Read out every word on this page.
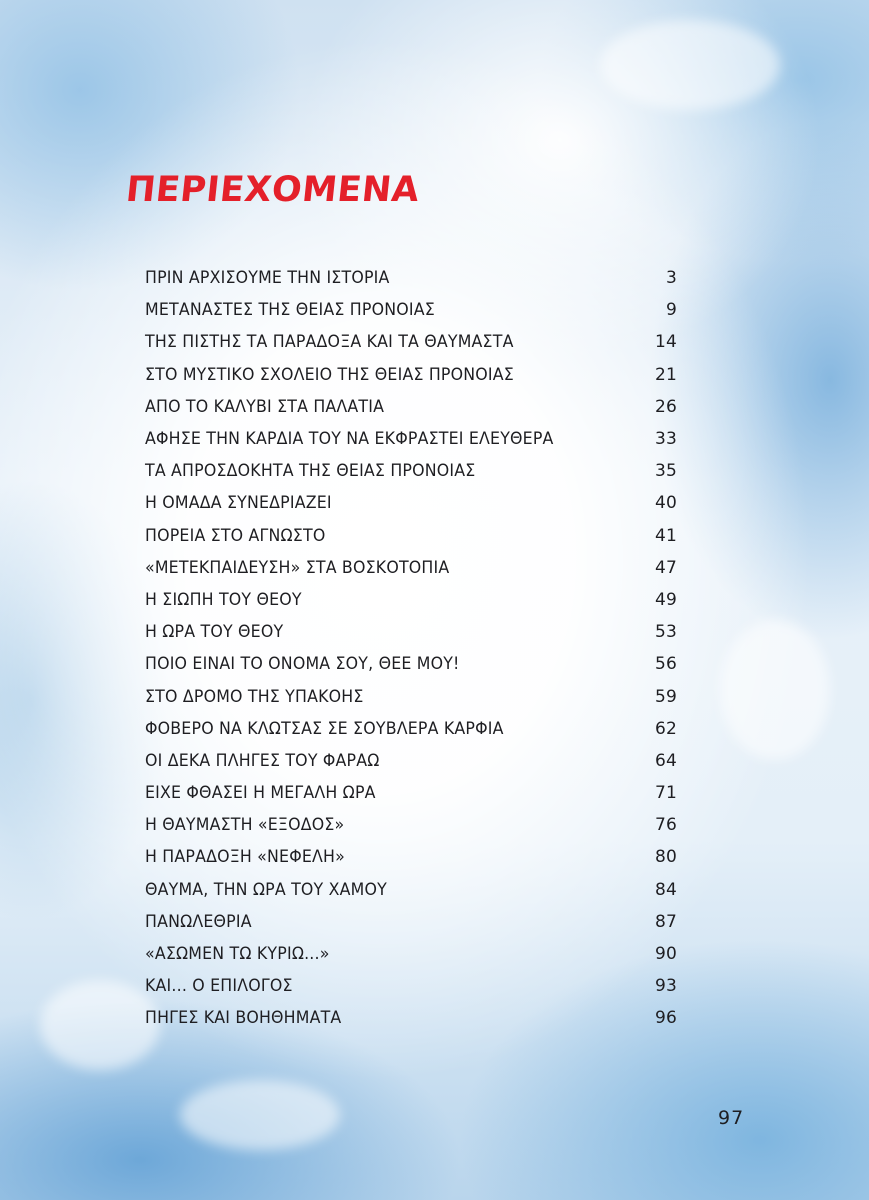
ΠΕΡΙΕΧΟΜΕΝΑ
ΠΡΙΝ ΑΡΧΙΣΟΥΜΕ ΤΗΝ ΙΣΤΟΡΙΑ	3
ΜΕΤΑΝΑΣΤΕΣ ΤΗΣ ΘΕΙΑΣ ΠΡΟΝΟΙΑΣ	9
ΤΗΣ ΠΙΣΤΗΣ ΤΑ ΠΑΡΑΔΟΞΑ ΚΑΙ ΤΑ ΘΑΥΜΑΣΤΑ	14
ΣΤΟ ΜΥΣΤΙΚΟ ΣΧΟΛΕΙΟ ΤΗΣ ΘΕΙΑΣ ΠΡΟΝΟΙΑΣ	21
ΑΠΟ ΤΟ ΚΑΛΥΒΙ ΣΤΑ ΠΑΛΑΤΙΑ	26
ΑΦΗΣΕ ΤΗΝ ΚΑΡΔΙΑ ΤΟΥ ΝΑ ΕΚΦΡΑΣΤΕΙ ΕΛΕΥΘΕΡΑ	33
ΤΑ ΑΠΡΟΣΔΟΚΗΤΑ ΤΗΣ ΘΕΙΑΣ ΠΡΟΝΟΙΑΣ	35
Η ΟΜΑΔΑ ΣΥΝΕΔΡΙΑΖΕΙ	40
ΠΟΡΕΙΑ ΣΤΟ ΑΓΝΩΣΤΟ	41
«ΜΕΤΕΚΠΑΙΔΕΥΣΗ» ΣΤΑ ΒΟΣΚΟΤΟΠΙΑ	47
Η ΣΙΩΠΗ ΤΟΥ ΘΕΟΥ	49
Η ΩΡΑ ΤΟΥ ΘΕΟΥ	53
ΠΟΙΟ ΕΙΝΑΙ ΤΟ ΟΝΟΜΑ ΣΟΥ, ΘΕΕ ΜΟΥ!	56
ΣΤΟ ΔΡΟΜΟ ΤΗΣ ΥΠΑΚΟΗΣ	59
ΦΟΒΕΡΟ ΝΑ ΚΛΩΤΣΑΣ ΣΕ ΣΟΥΒΛΕΡΑ ΚΑΡΦΙΑ	62
ΟΙ ΔΕΚΑ ΠΛΗΓΕΣ ΤΟΥ ΦΑΡΑΩ	64
ΕΙΧΕ ΦΘΑΣΕΙ Η ΜΕΓΑΛΗ ΩΡΑ	71
Η ΘΑΥΜΑΣΤΗ «ΕΞΟΔΟΣ»	76
Η ΠΑΡΑΔΟΞΗ «ΝΕΦΕΛΗ»	80
ΘΑΥΜΑ, ΤΗΝ ΩΡΑ ΤΟΥ ΧΑΜΟΥ	84
ΠΑΝΩΛΕΘΡΙΑ	87
«ΑΣΩΜΕΝ ΤΩ ΚΥΡΙΩ...»	90
ΚΑΙ... Ο ΕΠΙΛΟΓΟΣ	93
ΠΗΓΕΣ ΚΑΙ ΒΟΗΘΗΜΑΤΑ	96
97
